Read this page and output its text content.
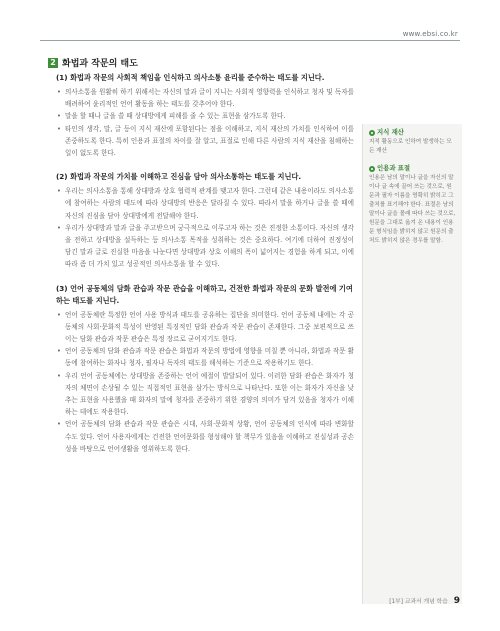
www.ebsi.co.kr
2 화법과 작문의 태도
(1) 화법과 작문의 사회적 책임을 인식하고 의사소통 윤리를 준수하는 태도를 지닌다.
• 의사소통을 원활히 하기 위해서는 자신의 말과 글이 지니는 사회적 영향력을 인식하고 청자 및 독자를 배려하여 윤리적인 언어 활동을 하는 태도를 갖추어야 한다.
• 말을 할 때나 글을 쓸 때 상대방에게 피해를 줄 수 있는 표현을 삼가도록 한다.
• 타인의 생각, 말, 글 등이 지식 재산에 포함된다는 점을 이해하고, 지식 재산의 가치를 인식하여 이를 존중하도록 한다. 특히 인용과 표절의 차이를 잘 알고, 표절로 인해 다른 사람의 지식 재산을 침해하는 일이 없도록 한다.
(2) 화법과 작문의 가치를 이해하고 진심을 담아 의사소통하는 태도를 지닌다.
• 우리는 의사소통을 통해 상대방과 상호 협력적 관계를 맺고자 한다. 그런데 같은 내용이라도 의사소통에 참여하는 사람의 태도에 따라 상대방의 반응은 달라질 수 있다. 따라서 말을 하거나 글을 쓸 때에 자신의 진심을 담아 상대방에게 전달해야 한다.
• 우리가 상대방과 말과 글을 주고받으며 궁극적으로 이루고자 하는 것은 진정한 소통이다. 자신의 생각을 전하고 상대방을 설득하는 등 의사소통 목적을 성취하는 것은 중요하다. 여기에 더하여 진정성이 담긴 말과 글로 진실한 마음을 나눈다면 상대방과 상호 이해의 폭이 넓어지는 경험을 하게 되고, 이에 따라 좀 더 가치 있고 성공적인 의사소통을 할 수 있다.
(3) 언어 공동체의 담화 관습과 작문 관습을 이해하고, 건전한 화법과 작문의 문화 발전에 기여하는 태도를 지닌다.
• 언어 공동체란 특정한 언어 사용 방식과 태도를 공유하는 집단을 의미한다. 언어 공동체 내에는 각 공동체의 사회·문화적 특성이 반영된 특징적인 담화 관습과 작문 관습이 존재한다. 그중 보편적으로 쓰이는 담화 관습과 작문 관습은 특정 장르로 굳어지기도 한다.
• 언어 공동체의 담화 관습과 작문 관습은 화법과 작문의 방법에 영향을 미칠 뿐 아니라, 화법과 작문 활동에 참여하는 화자나 청자, 필자나 독자의 태도를 해석하는 기준으로 작용하기도 한다.
• 우리 언어 공동체에는 상대방을 존중하는 언어 예절이 발달되어 있다. 이러한 담화 관습은 화자가 청자의 체면이 손상될 수 있는 직접적인 표현을 삼가는 방식으로 나타난다. 또한 이는 화자가 자신을 낮추는 표현을 사용했을 때 화자의 말에 청자를 존중하기 위한 겸양의 의미가 담겨 있음을 청자가 이해하는 데에도 작용한다.
• 언어 공동체의 담화 관습과 작문 관습은 시대, 사회·문화적 상황, 언어 공동체의 인식에 따라 변화할 수도 있다. 언어 사용자에게는 건전한 언어문화를 형성해야 할 책무가 있음을 이해하고 진실성과 공손성을 바탕으로 언어생활을 영위하도록 한다.
지식 재산
지적 활동으로 인하여 발생하는 모든 재산
인용과 표절
인용은 남의 말이나 글을 자신의 말이나 글 속에 끌어 쓰는 것으로, 원문과 필자 이름을 명확히 밝히고 그 출처를 표기해야 한다. 표절은 남의 말이나 글을 몰래 따다 쓰는 것으로, 원문을 그대로 옮겨 온 내용이 인용문 형식임을 밝히지 않고 원문의 출처도 밝히지 않은 경우를 말함.
[1부] 교과서 개념 학습 9
